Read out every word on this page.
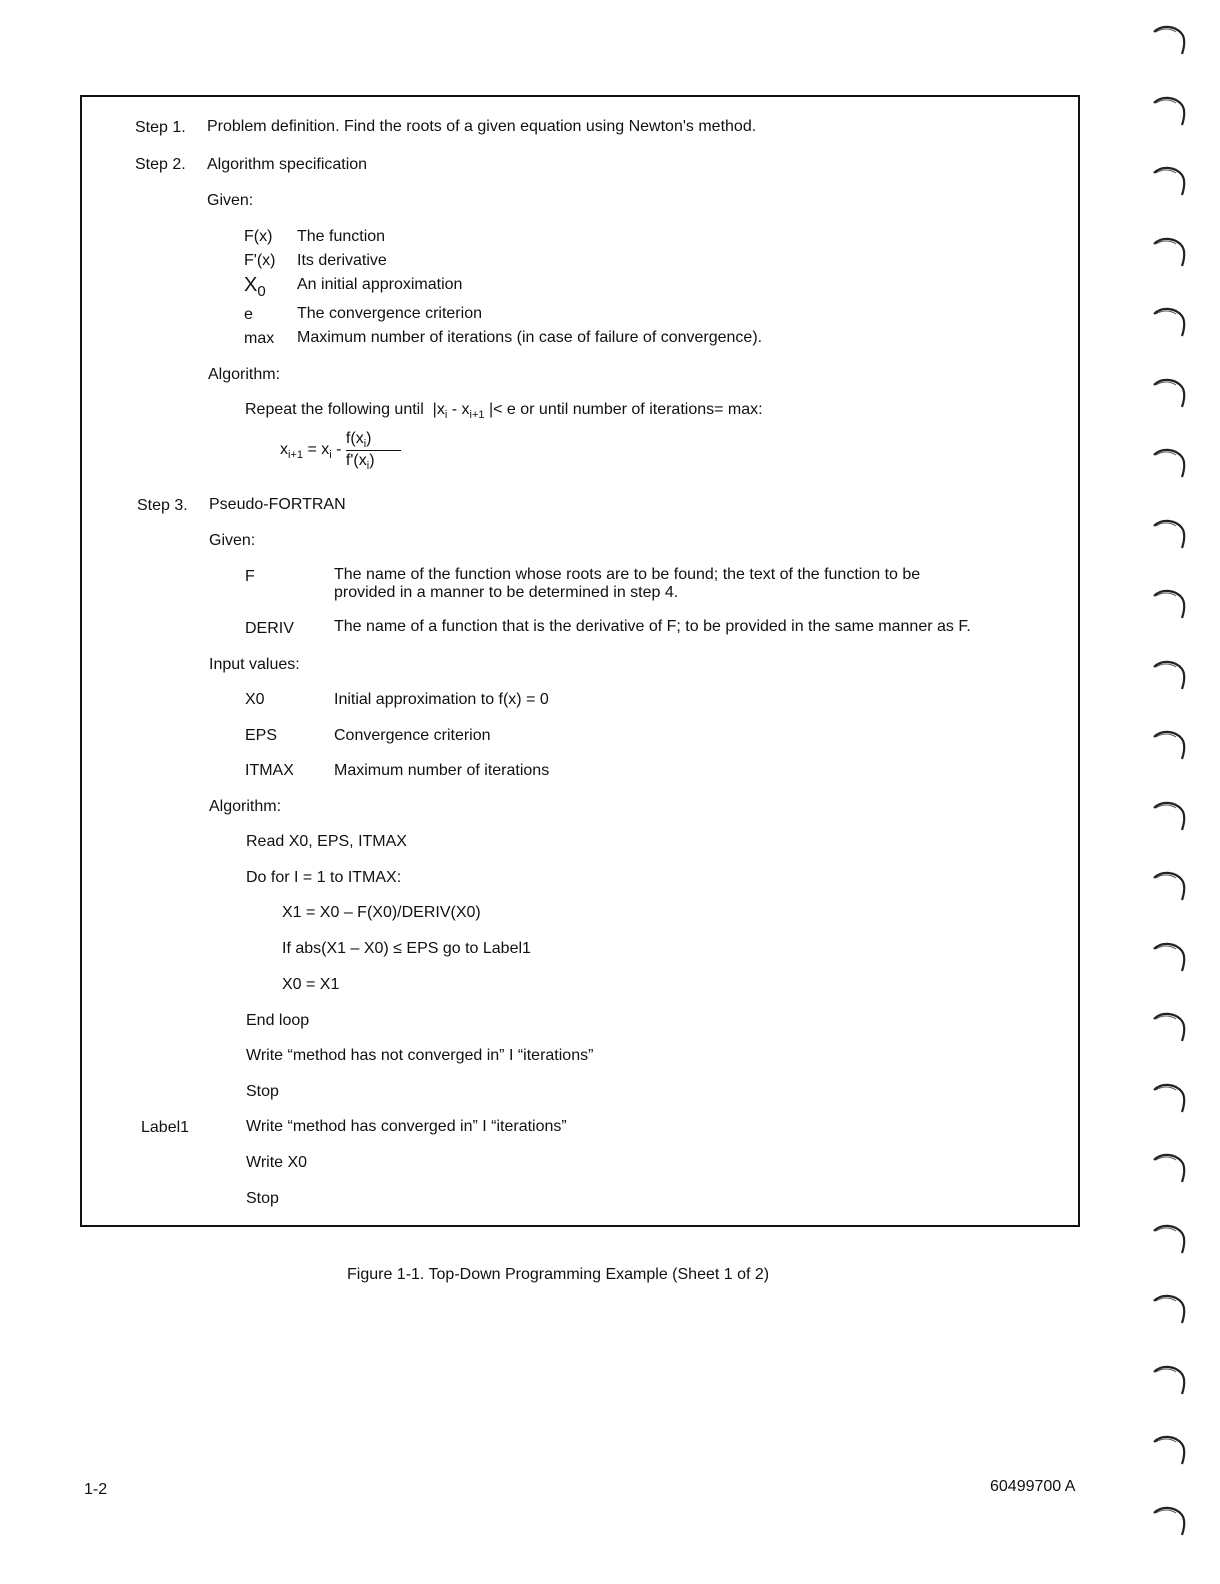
Step 1. Problem definition. Find the roots of a given equation using Newton's method.
Step 2. Algorithm specification
Given:
F(x) The function
F'(x) Its derivative
$X_0$ An initial approximation
e	The convergence criterion
max Maximum number of iterations (in case of failure of convergence).
Algorithm:
Repeat the following until $|x_i - x_{i+1}$ |< e or until number of iterations= max:
$x_{i+1} = x_i - \frac{f(x_i)}{f'(x_i)}$
Step 3. Pseudo-FORTRAN
Given:
F	The name of the function whose roots are to be found; the text of the function to be
provided in a manner to be determined in step 4.
DERIV	The name of a function that is the derivative of F; to be provided in the same manner as F.
Input values:
X0	Initial approximation to f(x) = 0
EPS	Convergence criterion
ITMAX	Maximum number of iterations
Algorithm:
Read X0, EPS, ITMAX
Do for I = 1 to ITMAX:
X1 = X0 – F(X0)/DERIV(X0)
If abs(X1 – X0) ≤ EPS go to Label1
X0 = X1
End loop
Write “method has not converged in” I “iterations”
Stop
Label1	Write “method has converged in” I “iterations”
Write X0
Stop
Figure 1-1. Top-Down Programming Example (Sheet 1 of 2)
1-2	60499700 A
